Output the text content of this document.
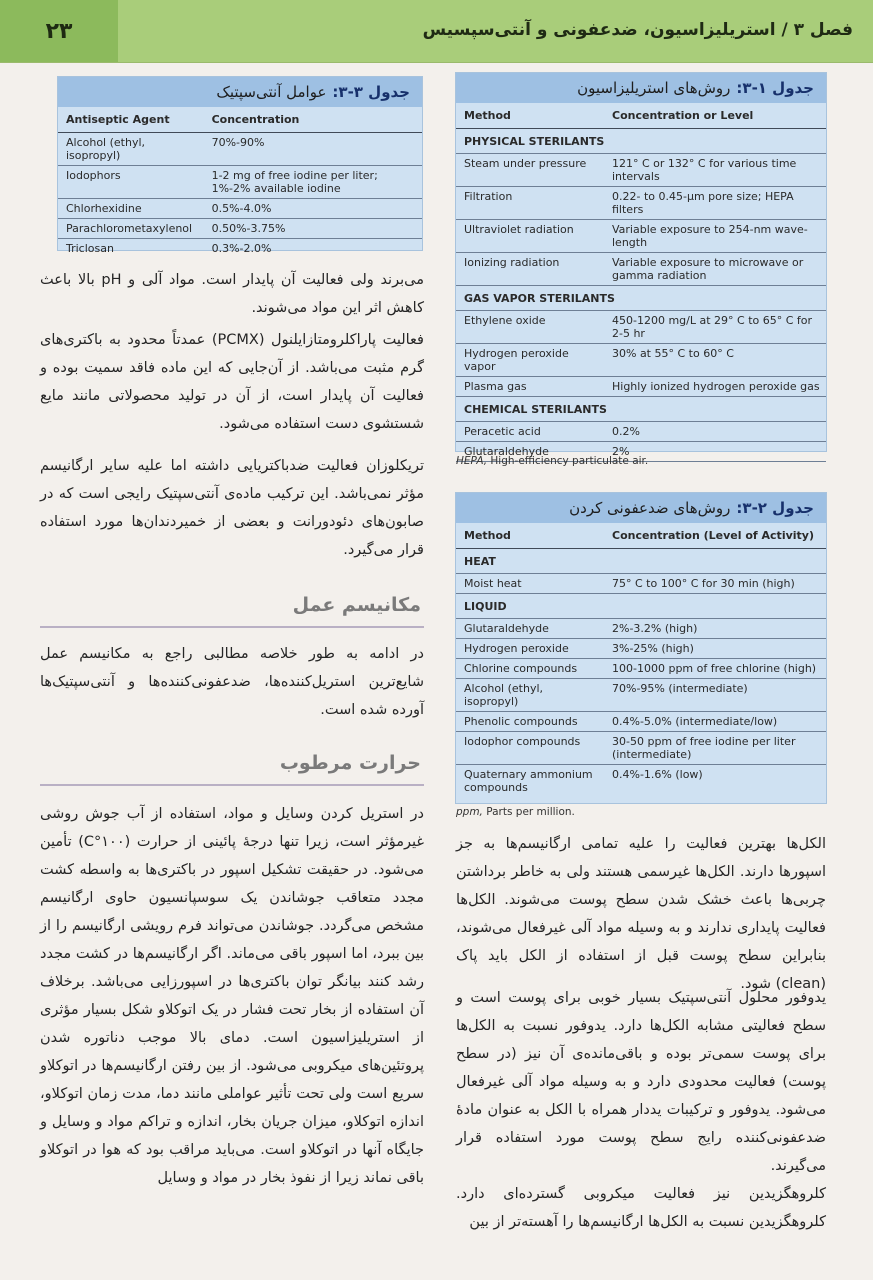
۲۳	فصل ۳ / استریلیزاسیون، ضدعفونی و آنتی‌سپسیس
جدول ۳-۳:
عوامل آنتی‌سپتیک
Antiseptic Agent	Concentration
Alcohol (ethyl, isopropyl)	70%-90%
Iodophors	1-2 mg of free iodine per liter; 1%-2% available iodine
Chlorhexidine	0.5%-4.0%
Parachlorometaxylenol	0.50%-3.75%
Triclosan	0.3%-2.0%
جدول ۱-۳:
روش‌های استریلیزاسیون
Method	Concentration or Level
PHYSICAL STERILANTS	
Steam under pressure	121° C or 132° C for various time intervals
Filtration	0.22- to 0.45-µm pore size; HEPA filters
Ultraviolet radiation	Variable exposure to 254-nm wave-length
Ionizing radiation	Variable exposure to microwave or gamma radiation
GAS VAPOR STERILANTS	
Ethylene oxide	450-1200 mg/L at 29° C to 65° C for 2-5 hr
Hydrogen peroxide vapor	30% at 55° C to 60° C
Plasma gas	Highly ionized hydrogen peroxide gas
CHEMICAL STERILANTS	
Peracetic acid	0.2%
Glutaraldehyde	2%
HEPA, High-efficiency particulate air.
جدول ۲-۳:
روش‌های ضدعفونی کردن
Method	Concentration (Level of Activity)
HEAT	
Moist heat	75° C to 100° C for 30 min (high)
LIQUID	
Glutaraldehyde	2%-3.2% (high)
Hydrogen peroxide	3%-25% (high)
Chlorine compounds	100-1000 ppm of free chlorine (high)
Alcohol (ethyl, isopropyl)	70%-95% (intermediate)
Phenolic compounds	0.4%-5.0% (intermediate/low)
Iodophor compounds	30-50 ppm of free iodine per liter (intermediate)
Quaternary ammonium compounds	0.4%-1.6% (low)
ppm, Parts per million.
می‌برند ولی فعالیت آن پایدار است. مواد آلی و pH بالا باعث کاهش اثر این مواد می‌شوند.
فعالیت پاراکلرومتازایلنول (PCMX) عمدتاً محدود به باکتری‌های گرم مثبت می‌باشد. از آن‌جایی که این ماده فاقد سمیت بوده و فعالیت آن پایدار است، از آن در تولید محصولاتی مانند مایع شستشوی دست استفاده می‌شود.
تریکلوزان فعالیت ضدباکتریایی داشته اما علیه سایر ارگانیسم مؤثر نمی‌باشد. این ترکیب ماده‌ی آنتی‌سپتیک رایجی است که در صابون‌های دئودورانت و بعضی از خمیردندان‌ها مورد استفاده قرار می‌گیرد.
مکانیسم عمل
در ادامه به طور خلاصه مطالبی راجع به مکانیسم عمل شایع‌ترین استریل‌کننده‌ها، ضدعفونی‌کننده‌ها و آنتی‌سپتیک‌ها آورده شده است.
حرارت مرطوب
در استریل کردن وسایل و مواد، استفاده از آب جوش روشی غیرمؤثر است، زیرا تنها درجهٔ پائینی از حرارت (۱۰۰°C) تأمین می‌شود. در حقیقت تشکیل اسپور در باکتری‌ها به واسطه کشت مجدد متعاقب جوشاندن یک سوسپانسیون حاوی ارگانیسم مشخص می‌گردد. جوشاندن می‌تواند فرم رویشی ارگانیسم را از بین ببرد، اما اسپور باقی می‌ماند. اگر ارگانیسم‌ها در کشت مجدد رشد کنند بیانگر توان باکتری‌ها در اسپورزایی می‌باشد. برخلاف آن استفاده از بخار تحت فشار در یک اتوکلاو شکل بسیار مؤثری از استریلیزاسیون است. دمای بالا موجب دناتوره شدن پروتئین‌های میکروبی می‌شود. از بین رفتن ارگانیسم‌ها در اتوکلاو سریع است ولی تحت تأثیر عواملی مانند دما، مدت زمان اتوکلاو، اندازه اتوکلاو، میزان جریان بخار، اندازه و تراکم مواد و وسایل و جایگاه آنها در اتوکلاو است. می‌باید مراقب بود که هوا در اتوکلاو باقی نماند زیرا از نفوذ بخار در مواد و وسایل
الکل‌ها بهترین فعالیت را علیه تمامی ارگانیسم‌ها به جز اسپورها دارند. الکل‌ها غیرسمی هستند ولی به خاطر برداشتن چربی‌ها باعث خشک شدن سطح پوست می‌شوند. الکل‌ها فعالیت پایداری ندارند و به وسیله مواد آلی غیرفعال می‌شوند، بنابراین سطح پوست قبل از استفاده از الکل باید پاک (clean) شود.
یدوفور محلول آنتی‌سپتیک بسیار خوبی برای پوست است و سطح فعالیتی مشابه الکل‌ها دارد. یدوفور نسبت به الکل‌ها برای پوست سمی‌تر بوده و باقی‌مانده‌ی آن نیز (در سطح پوست) فعالیت محدودی دارد و به وسیله مواد آلی غیرفعال می‌شود. یدوفور و ترکیبات یددار همراه با الکل به عنوان مادهٔ ضدعفونی‌کننده رایج سطح پوست مورد استفاده قرار می‌گیرند.
کلروهگزیدین نیز فعالیت میکروبی گسترده‌ای دارد. کلروهگزیدین نسبت به الکل‌ها ارگانیسم‌ها را آهسته‌تر از بین
